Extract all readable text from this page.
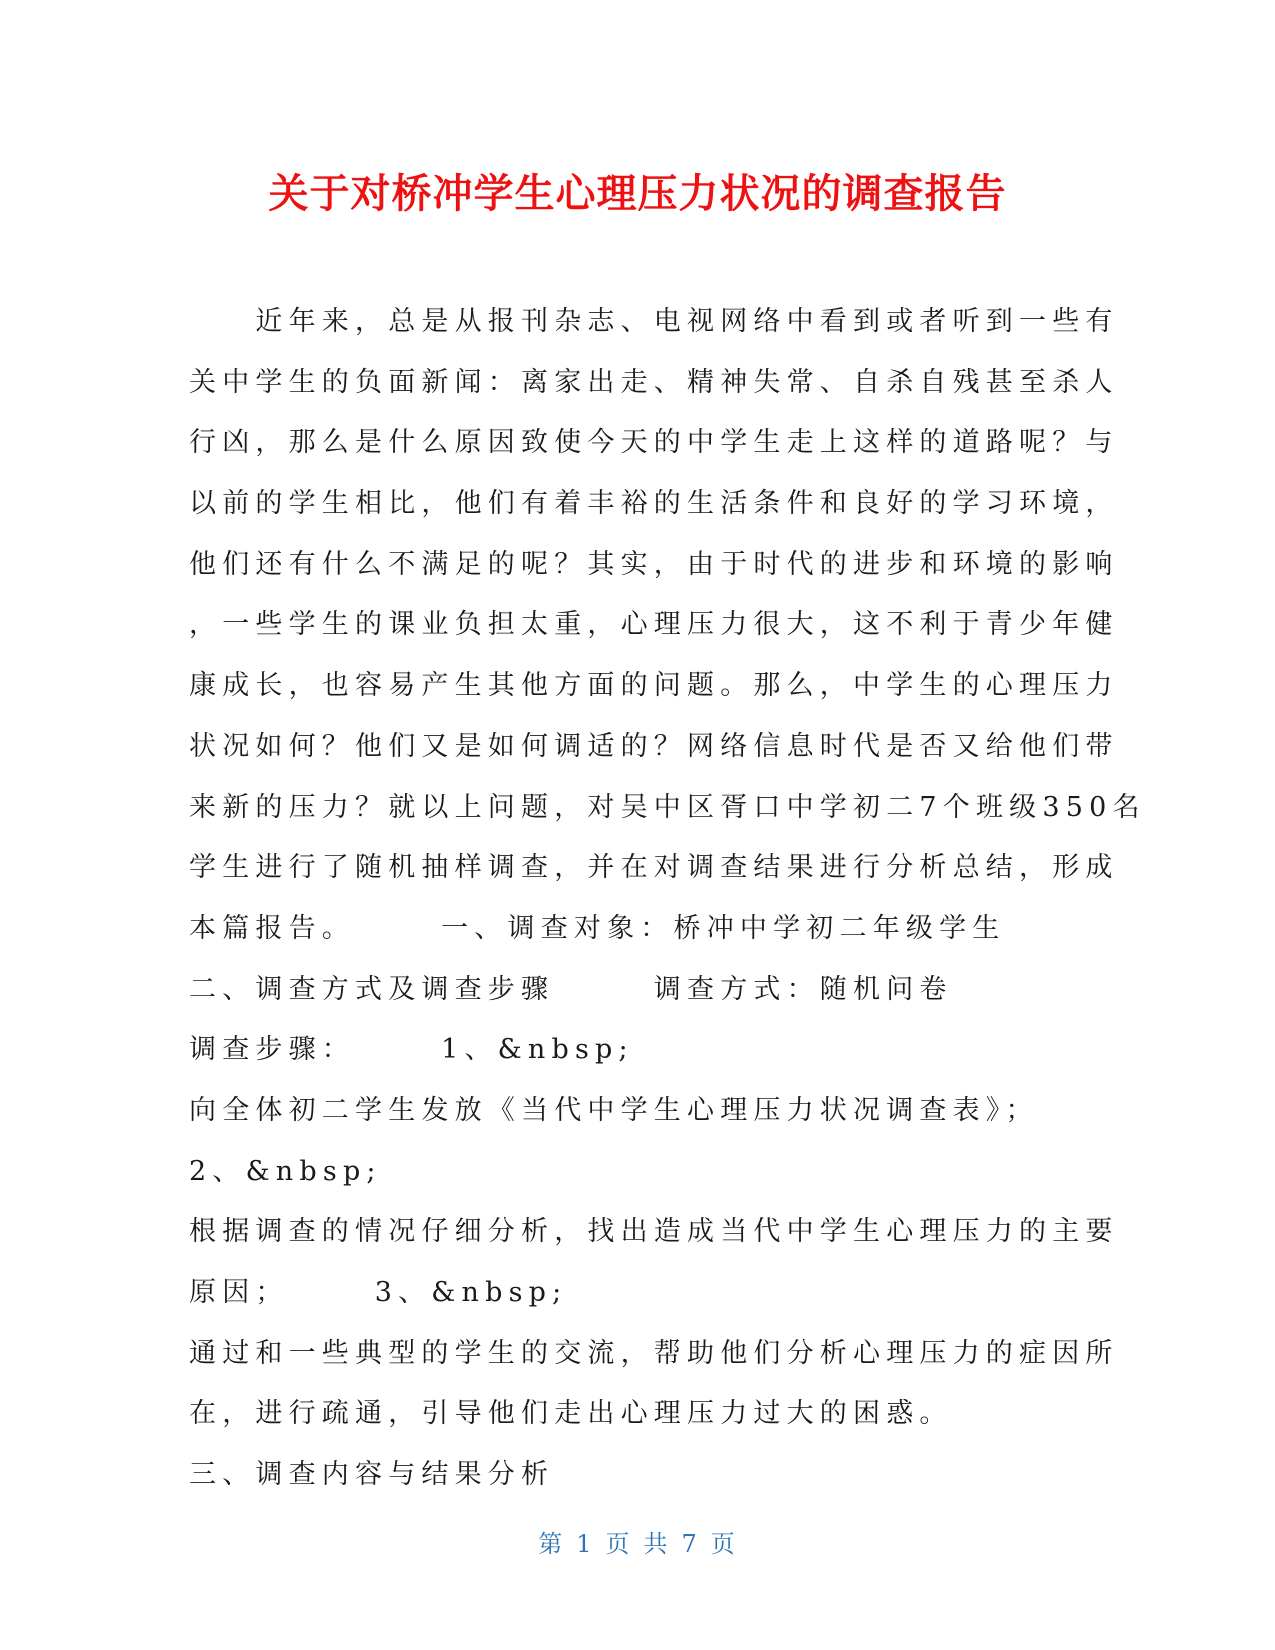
关于对桥冲学生心理压力状况的调查报告
　　近年来，总是从报刊杂志、电视网络中看到或者听到一些有
关中学生的负面新闻：离家出走、精神失常、自杀自残甚至杀人
行凶，那么是什么原因致使今天的中学生走上这样的道路呢？与
以前的学生相比，他们有着丰裕的生活条件和良好的学习环境，
他们还有什么不满足的呢？其实，由于时代的进步和环境的影响
，一些学生的课业负担太重，心理压力很大，这不利于青少年健
康成长，也容易产生其他方面的问题。那么，中学生的心理压力
状况如何？他们又是如何调适的？网络信息时代是否又给他们带
来新的压力？就以上问题，对吴中区胥口中学初二7个班级350名
学生进行了随机抽样调查，并在对调查结果进行分析总结，形成
本篇报告。　　　一、调查对象：桥冲中学初二年级学生
二、调查方式及调查步骤　　　调查方式：随机问卷
调查步骤：　　　1、&nbsp;
向全体初二学生发放《当代中学生心理压力状况调查表》；
2、&nbsp;
根据调查的情况仔细分析，找出造成当代中学生心理压力的主要
原因；　　　3、&nbsp;
通过和一些典型的学生的交流，帮助他们分析心理压力的症因所
在，进行疏通，引导他们走出心理压力过大的困惑。
三、调查内容与结果分析
第 1 页 共 7 页
